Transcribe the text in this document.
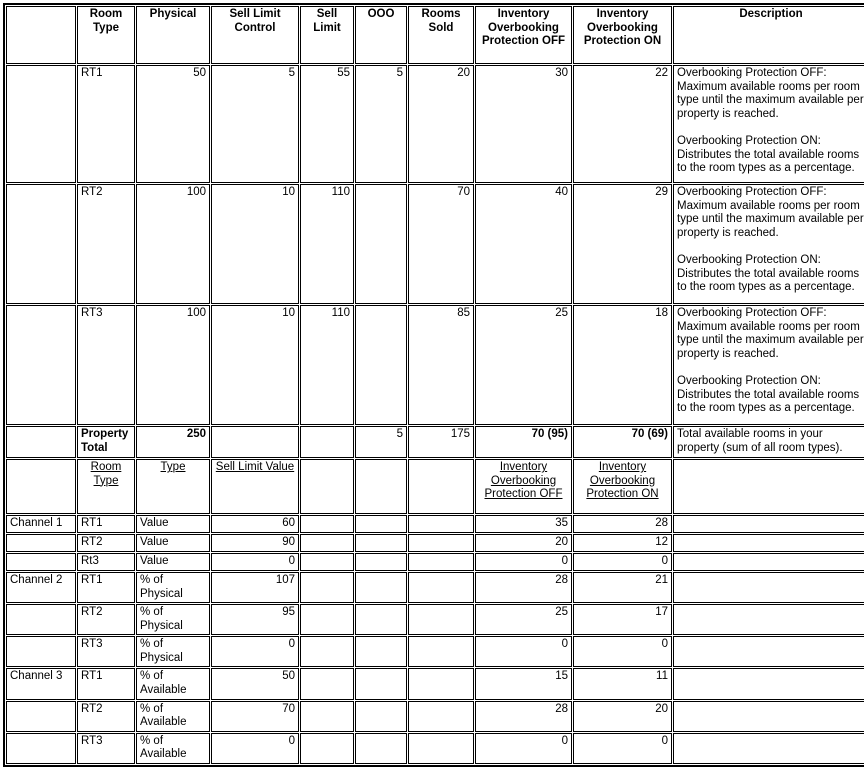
	Room Type	Physical	Sell Limit Control	Sell Limit	OOO	Rooms Sold	Inventory Overbooking Protection OFF	Inventory Overbooking Protection ON	Description
	RT1	50	5	55	5	20	30	22	Overbooking Protection OFF:

Maximum available rooms per room type until the maximum available per property is reached.

Overbooking Protection ON:

Distributes the total available rooms to the room types as a percentage.

	RT2	100	10	110		70	40	29	Overbooking Protection OFF:

Maximum available rooms per room type until the maximum available per property is reached.

Overbooking Protection ON:

Distributes the total available rooms to the room types as a percentage.

	RT3	100	10	110		85	25	18	Overbooking Protection OFF:

Maximum available rooms per room type until the maximum available per property is reached.

Overbooking Protection ON:

Distributes the total available rooms to the room types as a percentage.

	Property Total	250			5	175	70 (95)	70 (69)	Total available rooms in your property (sum of all room types).
	Room Type	Type	Sell Limit Value				Inventory Overbooking Protection OFF	Inventory Overbooking Protection ON	
Channel 1	RT1	Value	60				35	28	
	RT2	Value	90				20	12	
	Rt3	Value	0				0	0	
Channel 2	RT1	% of Physical	107				28	21	
	RT2	% of Physical	95				25	17	
	RT3	% of Physical	0				0	0	
Channel 3	RT1	% of Available	50				15	11	
	RT2	% of Available	70				28	20	
	RT3	% of Available	0				0	0	
